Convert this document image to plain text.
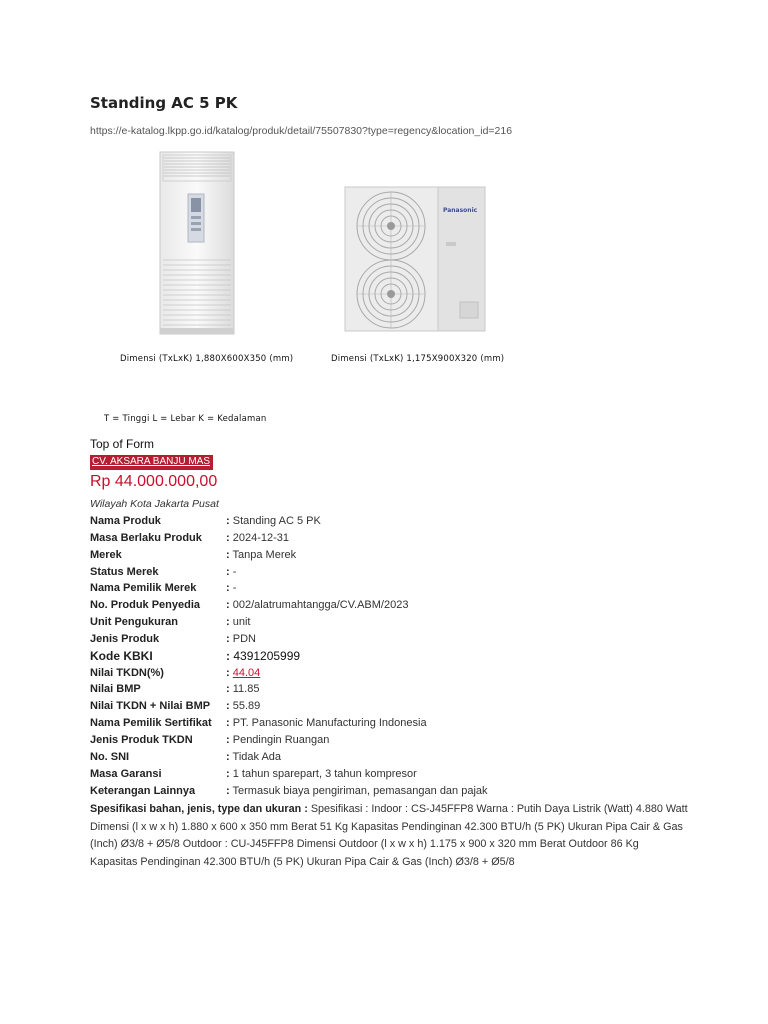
Standing AC 5 PK
https://e-katalog.lkpp.go.id/katalog/produk/detail/75507830?type=regency&location_id=216
Panasonic
Dimensi (TxLxK) 1,880X600X350 (mm)	Dimensi (TxLxK) 1,175X900X320 (mm)
T = Tinggi L = Lebar K = Kedalaman
Top of Form
CV. AKSARA BANJU MAS
Rp 44.000.000,00
Wilayah Kota Jakarta Pusat
Nama Produk	: Standing AC 5 PK
Masa Berlaku Produk : 2024-12-31
Merek	: Tanpa Merek
Status Merek	: -
Nama Pemilik Merek	: -
No. Produk Penyedia : 002/alatrumahtangga/CV.ABM/2023
Unit Pengukuran	: unit
Jenis Produk	: PDN
Kode KBKI	: 4391205999
Nilai TKDN(%)	: 44.04
Nilai BMP	: 11.85
Nilai TKDN + Nilai BMP : 55.89
Nama Pemilik Sertifikat : PT. Panasonic Manufacturing Indonesia
Jenis Produk TKDN	: Pendingin Ruangan
No. SNI	: Tidak Ada
Masa Garansi	: 1 tahun sparepart, 3 tahun kompresor
Keterangan Lainnya	: Termasuk biaya pengiriman, pemasangan dan pajak
Spesifikasi bahan, jenis, type dan ukuran : Spesifikasi : Indoor : CS-J45FFP8 Warna : Putih Daya Listrik (Watt) 4.880 Watt Dimensi (l x w x h) 1.880 x 600 x 350 mm Berat 51 Kg Kapasitas Pendinginan 42.300 BTU/h (5 PK) Ukuran Pipa Cair & Gas (Inch) Ø3/8 + Ø5/8 Outdoor : CU-J45FFP8 Dimensi Outdoor (l x w x h) 1.175 x 900 x 320 mm Berat Outdoor 86 Kg Kapasitas Pendinginan 42.300 BTU/h (5 PK) Ukuran Pipa Cair & Gas (Inch) Ø3/8 + Ø5/8
